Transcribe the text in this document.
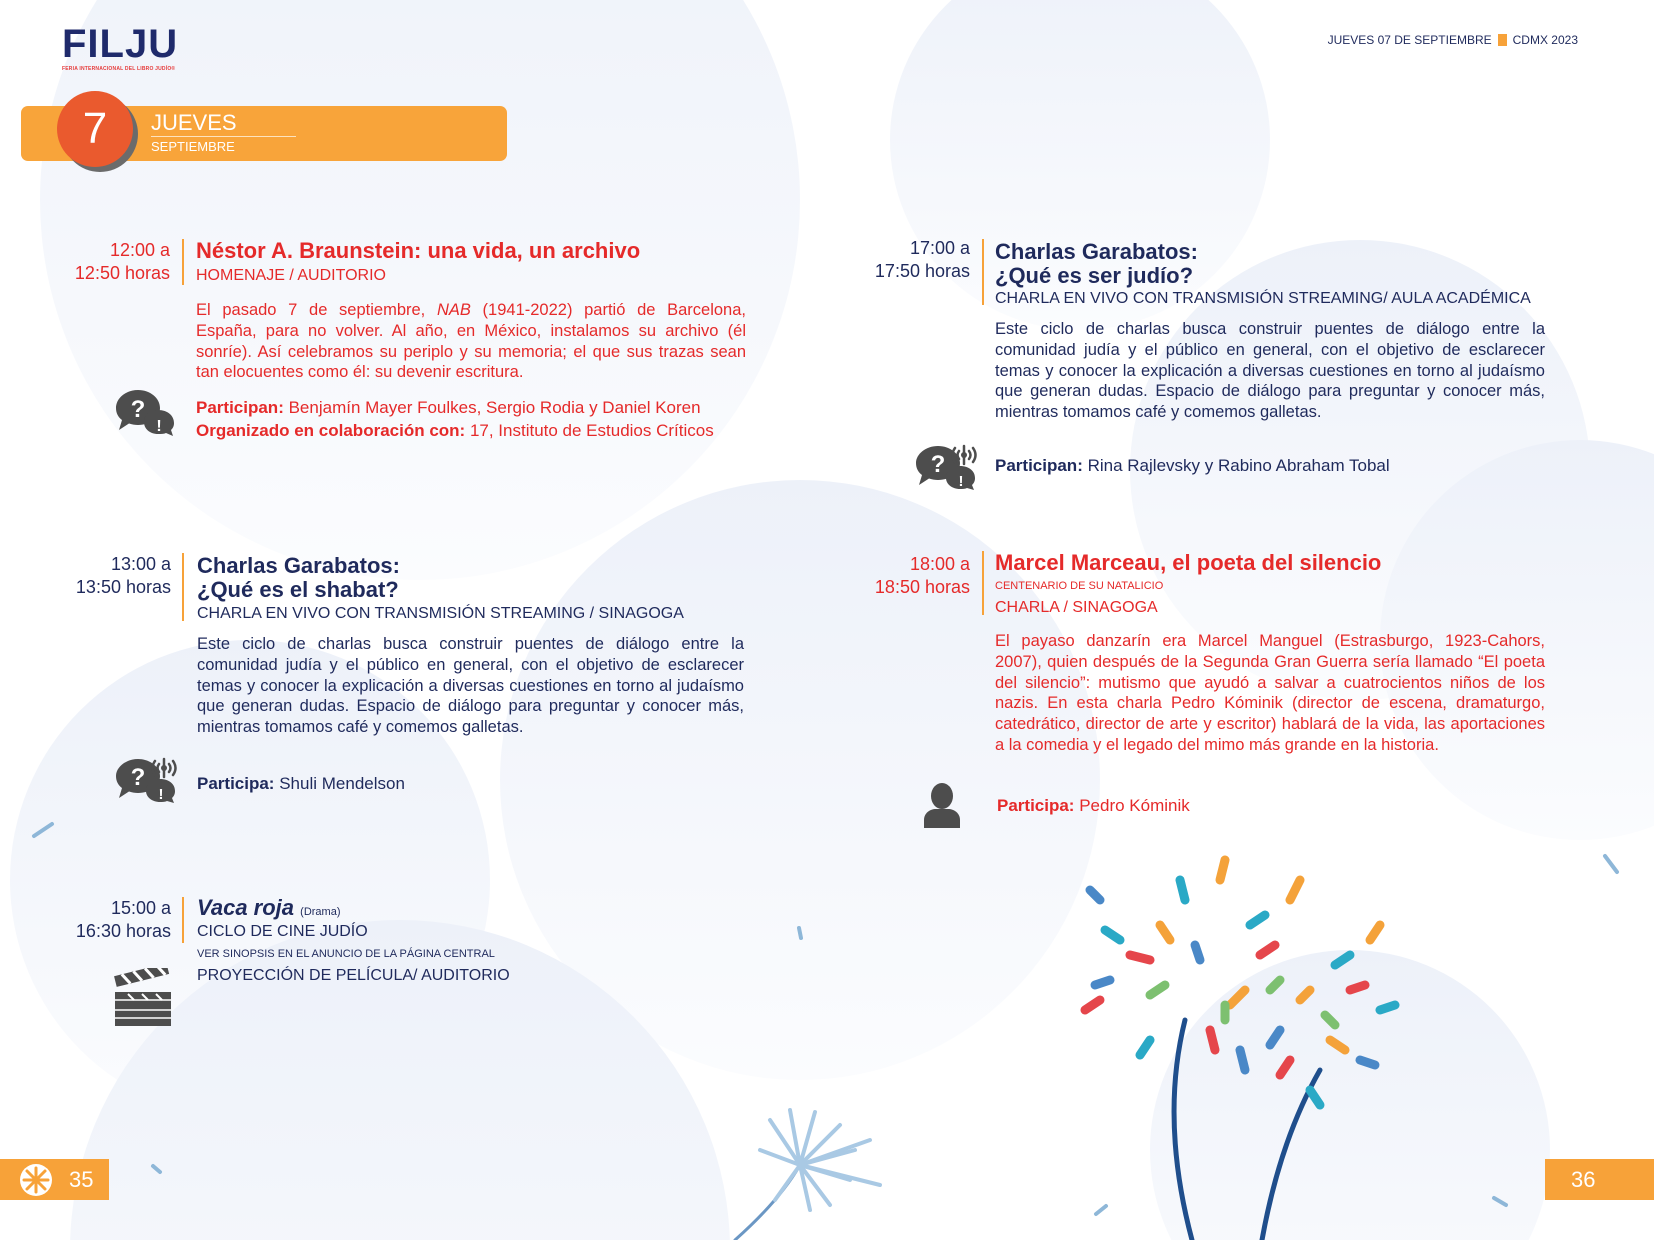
FILJU
FERIA INTERNACIONAL DEL LIBRO JUDÍO®
JUEVES 07 DE SEPTIEMBRE CDMX 2023
7	JUEVES
SEPTIEMBRE
12:00 a
12:50 horas
Néstor A. Braunstein: una vida, un archivo
HOMENAJE / AUDITORIO
El pasado 7 de septiembre, NAB (1941-2022) partió de Barcelona, España, para no volver. Al año, en México, instalamos su archivo (él sonríe). Así celebramos su periplo y su memoria; el que sus trazas sean tan elocuentes como él: su devenir escritura.
?
!
Participan: Benjamín Mayer Foulkes, Sergio Rodia y Daniel Koren
Organizado en colaboración con: 17, Instituto de Estudios Críticos
13:00 a
13:50 horas
Charlas Garabatos:
¿Qué es el shabat?
CHARLA EN VIVO CON TRANSMISIÓN STREAMING / SINAGOGA
Este ciclo de charlas busca construir puentes de diálogo entre la comunidad judía y el público en general, con el objetivo de esclarecer temas y conocer la explicación a diversas cuestiones en torno al judaísmo que generan dudas. Espacio de diálogo para preguntar y conocer más, mientras tomamos café y comemos galletas.
?
!
Participa: Shuli Mendelson
15:00 a
16:30 horas
Vaca roja (Drama)
CICLO DE CINE JUDÍO
VER SINOPSIS EN EL ANUNCIO DE LA PÁGINA CENTRAL
PROYECCIÓN DE PELÍCULA/ AUDITORIO
17:00 a
17:50 horas
Charlas Garabatos:
¿Qué es ser judío?
CHARLA EN VIVO CON TRANSMISIÓN STREAMING/ AULA ACADÉMICA
Este ciclo de charlas busca construir puentes de diálogo entre la comunidad judía y el público en general, con el objetivo de esclarecer temas y conocer la explicación a diversas cuestiones en torno al judaísmo que generan dudas. Espacio de diálogo para preguntar y conocer más, mientras tomamos café y comemos galletas.
?
!
Participan: Rina Rajlevsky y Rabino Abraham Tobal
18:00 a
18:50 horas
Marcel Marceau, el poeta del silencio
CENTENARIO DE SU NATALICIO
CHARLA / SINAGOGA
El payaso danzarín era Marcel Manguel (Estrasburgo, 1923-Cahors, 2007), quien después de la Segunda Gran Guerra sería llamado “El poeta del silencio”: mutismo que ayudó a salvar a cuatrocientos niños de los nazis. En esta charla Pedro Kóminik (director de escena, dramaturgo, catedrático, director de arte y escritor) hablará de la vida, las aportaciones a la comedia y el legado del mimo más grande en la historia.
Participa: Pedro Kóminik
35	36
